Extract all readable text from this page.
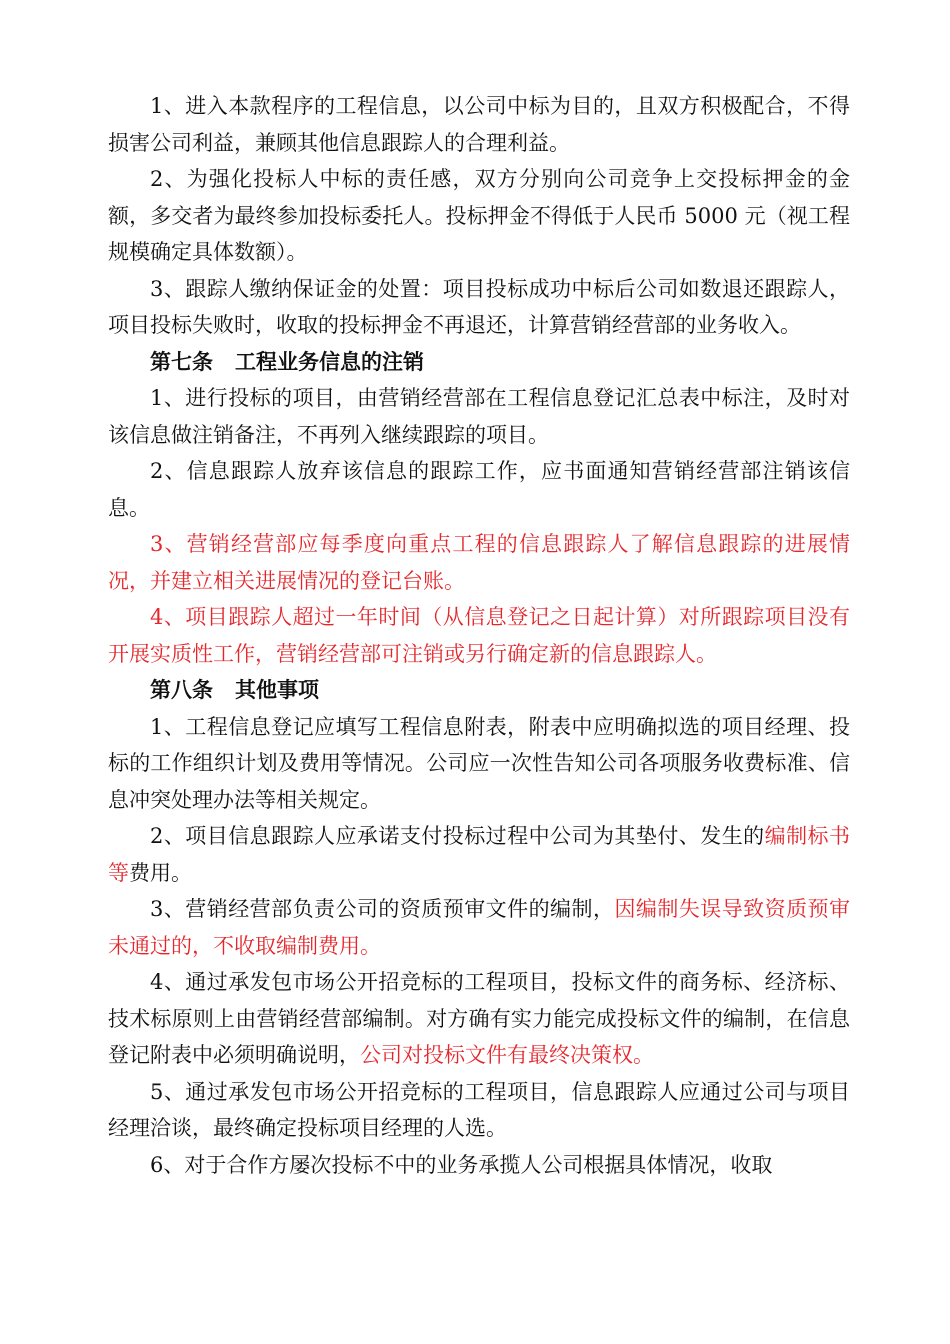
1、进入本款程序的工程信息，以公司中标为目的，且双方积极配合，不得损害公司利益，兼顾其他信息跟踪人的合理利益。

2、为强化投标人中标的责任感，双方分别向公司竞争上交投标押金的金额，多交者为最终参加投标委托人。投标押金不得低于人民币 5000 元（视工程规模确定具体数额）。

3、跟踪人缴纳保证金的处置：项目投标成功中标后公司如数退还跟踪人，项目投标失败时，收取的投标押金不再退还，计算营销经营部的业务收入。

第七条 工程业务信息的注销

1、进行投标的项目，由营销经营部在工程信息登记汇总表中标注，及时对该信息做注销备注，不再列入继续跟踪的项目。

2、信息跟踪人放弃该信息的跟踪工作，应书面通知营销经营部注销该信息。

3、营销经营部应每季度向重点工程的信息跟踪人了解信息跟踪的进展情况，并建立相关进展情况的登记台账。

4、项目跟踪人超过一年时间（从信息登记之日起计算）对所跟踪项目没有开展实质性工作，营销经营部可注销或另行确定新的信息跟踪人。

第八条 其他事项

1、工程信息登记应填写工程信息附表，附表中应明确拟选的项目经理、投标的工作组织计划及费用等情况。公司应一次性告知公司各项服务收费标准、信息冲突处理办法等相关规定。

2、项目信息跟踪人应承诺支付投标过程中公司为其垫付、发生的编制标书等费用。

3、营销经营部负责公司的资质预审文件的编制，因编制失误导致资质预审未通过的，不收取编制费用。

4、通过承发包市场公开招竞标的工程项目，投标文件的商务标、经济标、技术标原则上由营销经营部编制。对方确有实力能完成投标文件的编制，在信息登记附表中必须明确说明，公司对投标文件有最终决策权。

5、通过承发包市场公开招竞标的工程项目，信息跟踪人应通过公司与项目经理洽谈，最终确定投标项目经理的人选。

6、对于合作方屡次投标不中的业务承揽人公司根据具体情况，收取
